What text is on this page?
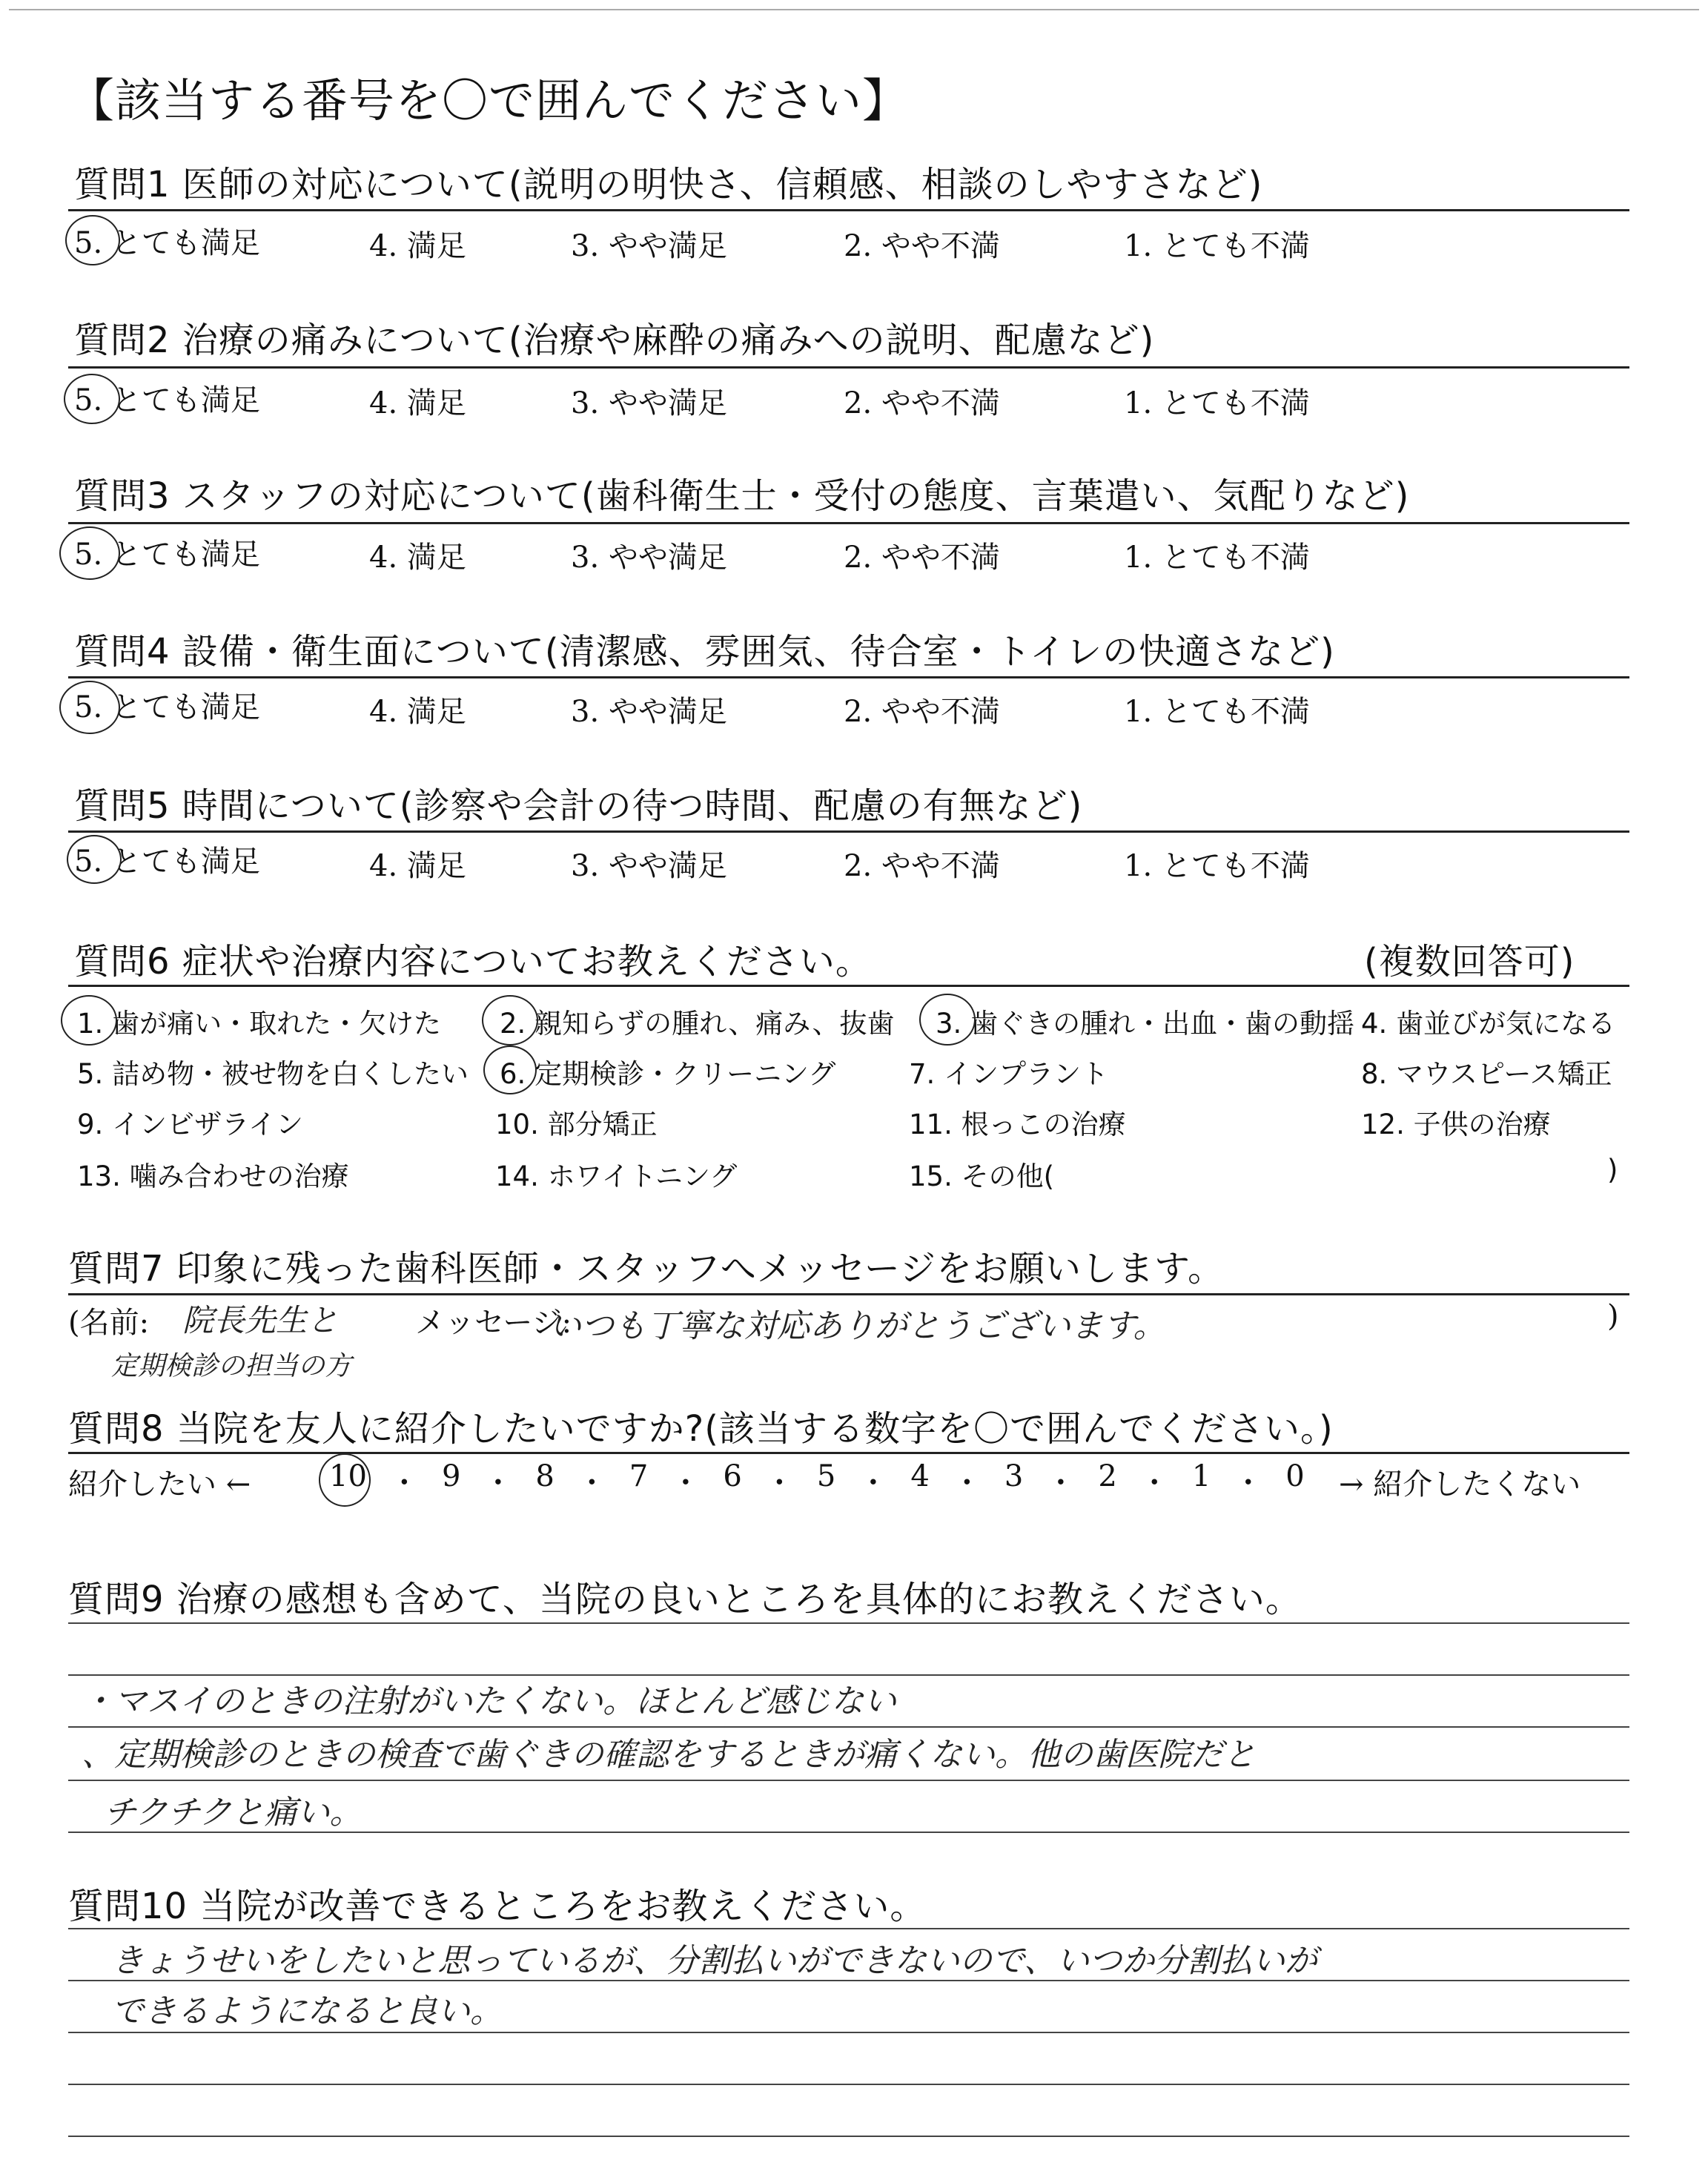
【該当する番号を〇で囲んでください】
質問1 医師の対応について(説明の明快さ、信頼感、相談のしやすさなど)
5. とても満足	4. 満足	3. やや満足	2. やや不満	1. とても不満
質問2 治療の痛みについて(治療や麻酔の痛みへの説明、配慮など)
5. とても満足	4. 満足	3. やや満足	2. やや不満	1. とても不満
質問3 スタッフの対応について(歯科衛生士・受付の態度、言葉遣い、気配りなど)
5. とても満足	4. 満足	3. やや満足	2. やや不満	1. とても不満
質問4 設備・衛生面について(清潔感、雰囲気、待合室・トイレの快適さなど)
5. とても満足	4. 満足	3. やや満足	2. やや不満	1. とても不満
質問5 時間について(診察や会計の待つ時間、配慮の有無など)
5. とても満足	4. 満足	3. やや満足	2. やや不満	1. とても不満
質問6 症状や治療内容についてお教えください。	(複数回答可)
1. 歯が痛い・取れた・欠けた 2. 親知らずの腫れ、痛み、抜歯 3. 歯ぐきの腫れ・出血・歯の動揺 4. 歯並びが気になる
5. 詰め物・被せ物を白くしたい 6. 定期検診・クリーニング	7. インプラント	8. マウスピース矯正
9. インビザライン	10. 部分矯正	11. 根っこの治療	12. 子供の治療
13. 噛み合わせの治療	14. ホワイトニング	15. その他(	)
質問7 印象に残った歯科医師・スタッフへメッセージをお願いします。
(名前: 院長先生と
定期検診の担当の方
メッセージ:
いつも丁寧な対応ありがとうございます。	)
質問8 当院を友人に紹介したいですか?(該当する数字を〇で囲んでください。)
紹介したい ←	10 ・ 9 ・ 8 ・ 7 ・ 6 ・ 5 ・ 4 ・ 3 ・ 2 ・ 1 ・ 0 → 紹介したくない
質問9 治療の感想も含めて、当院の良いところを具体的にお教えください。
・マスイのときの注射がいたくない。ほとんど感じない
、定期検診のときの検査で歯ぐきの確認をするときが痛くない。他の歯医院だと
チクチクと痛い。
質問10 当院が改善できるところをお教えください。
きょうせいをしたいと思っているが、分割払いができないので、いつか分割払いが
できるようになると良い。
